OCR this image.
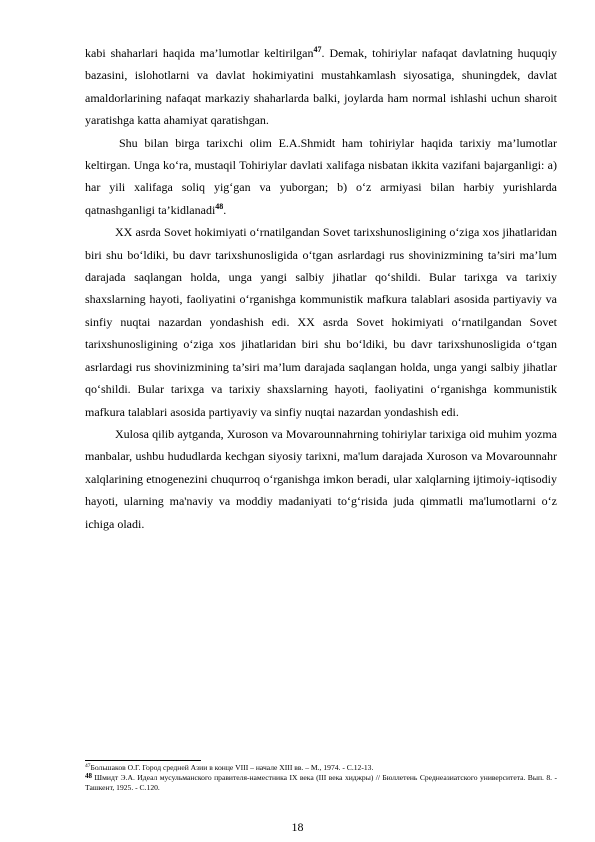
kabi shaharlari haqida ma’lumotlar keltirilgan$^{47}$. Demak, tohiriylar nafaqat davlatning huquqiy bazasini, islohotlarni va davlat hokimiyatini mustahkamlash siyosatiga, shuningdek, davlat amaldorlarining nafaqat markaziy shaharlarda balki, joylarda ham normal ishlashi uchun sharoit yaratishga katta ahamiyat qaratishgan.

Shu bilan birga tarixchi olim E.A.Shmidt ham tohiriylar haqida tarixiy ma’lumotlar keltirgan. Unga ko‘ra, mustaqil Tohiriylar davlati xalifaga nisbatan ikkita vazifani bajarganligi: a) har yili xalifaga soliq yig‘gan va yuborgan; b) o‘z armiyasi bilan harbiy yurishlarda qatnashganligi ta’kidlanadi$^{48}$.

XX asrda Sovet hokimiyati o‘rnatilgandan Sovet tarixshunosligining o‘ziga xos jihatlaridan biri shu bo‘ldiki, bu davr tarixshunosligida o‘tgan asrlardagi rus shovinizmining ta’siri ma’lum darajada saqlangan holda, unga yangi salbiy jihatlar qo‘shildi. Bular tarixga va tarixiy shaxslarning hayoti, faoliyatini o‘rganishga kommunistik mafkura talablari asosida partiyaviy va sinfiy nuqtai nazardan yondashish edi. XX asrda Sovet hokimiyati o‘rnatilgandan Sovet tarixshunosligining o‘ziga xos jihatlaridan biri shu bo‘ldiki, bu davr tarixshunosligida o‘tgan asrlardagi rus shovinizmining ta’siri ma’lum darajada saqlangan holda, unga yangi salbiy jihatlar qo‘shildi. Bular tarixga va tarixiy shaxslarning hayoti, faoliyatini o‘rganishga kommunistik mafkura talablari asosida partiyaviy va sinfiy nuqtai nazardan yondashish edi.

Xulosa qilib aytganda, Xuroson va Movarounnahrning tohiriylar tarixiga oid muhim yozma manbalar, ushbu hududlarda kechgan siyosiy tarixni, ma'lum darajada Xuroson va Movarounnahr xalqlarining etnogenezini chuqurroq o‘rganishga imkon beradi, ular xalqlarning ijtimoiy-iqtisodiy hayoti, ularning ma'naviy va moddiy madaniyati to‘g‘risida juda qimmatli ma'lumotlarni o‘z ichiga oladi.

$^{47}$Большаков О.Г. Город средней Азии в конце VIII – начале XIII вв. – М., 1974. - С.12-13.

$^{48}$ Шмидт Э.А. Идеал мусульманского правителя-наместника IX века (III века хиджры) // Бюллетень Среднеазиатского университета. Вып. 8. - Ташкент, 1925. - С.120.

18
